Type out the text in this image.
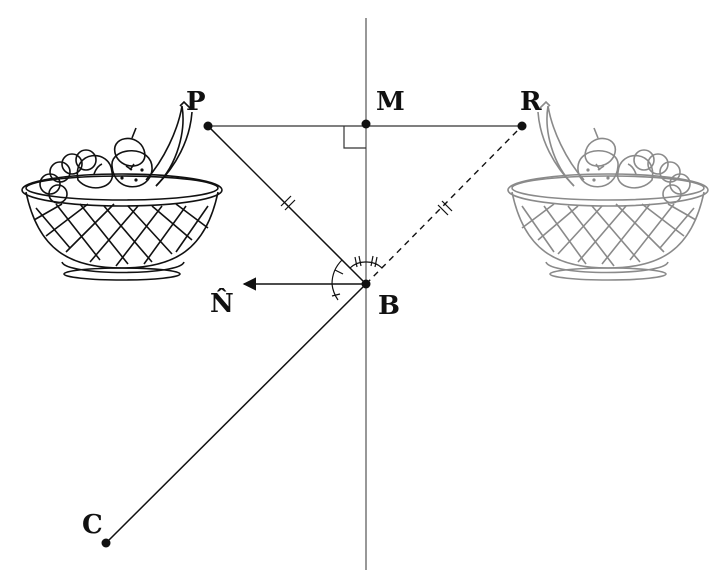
P	M	R
B
C
N̂
